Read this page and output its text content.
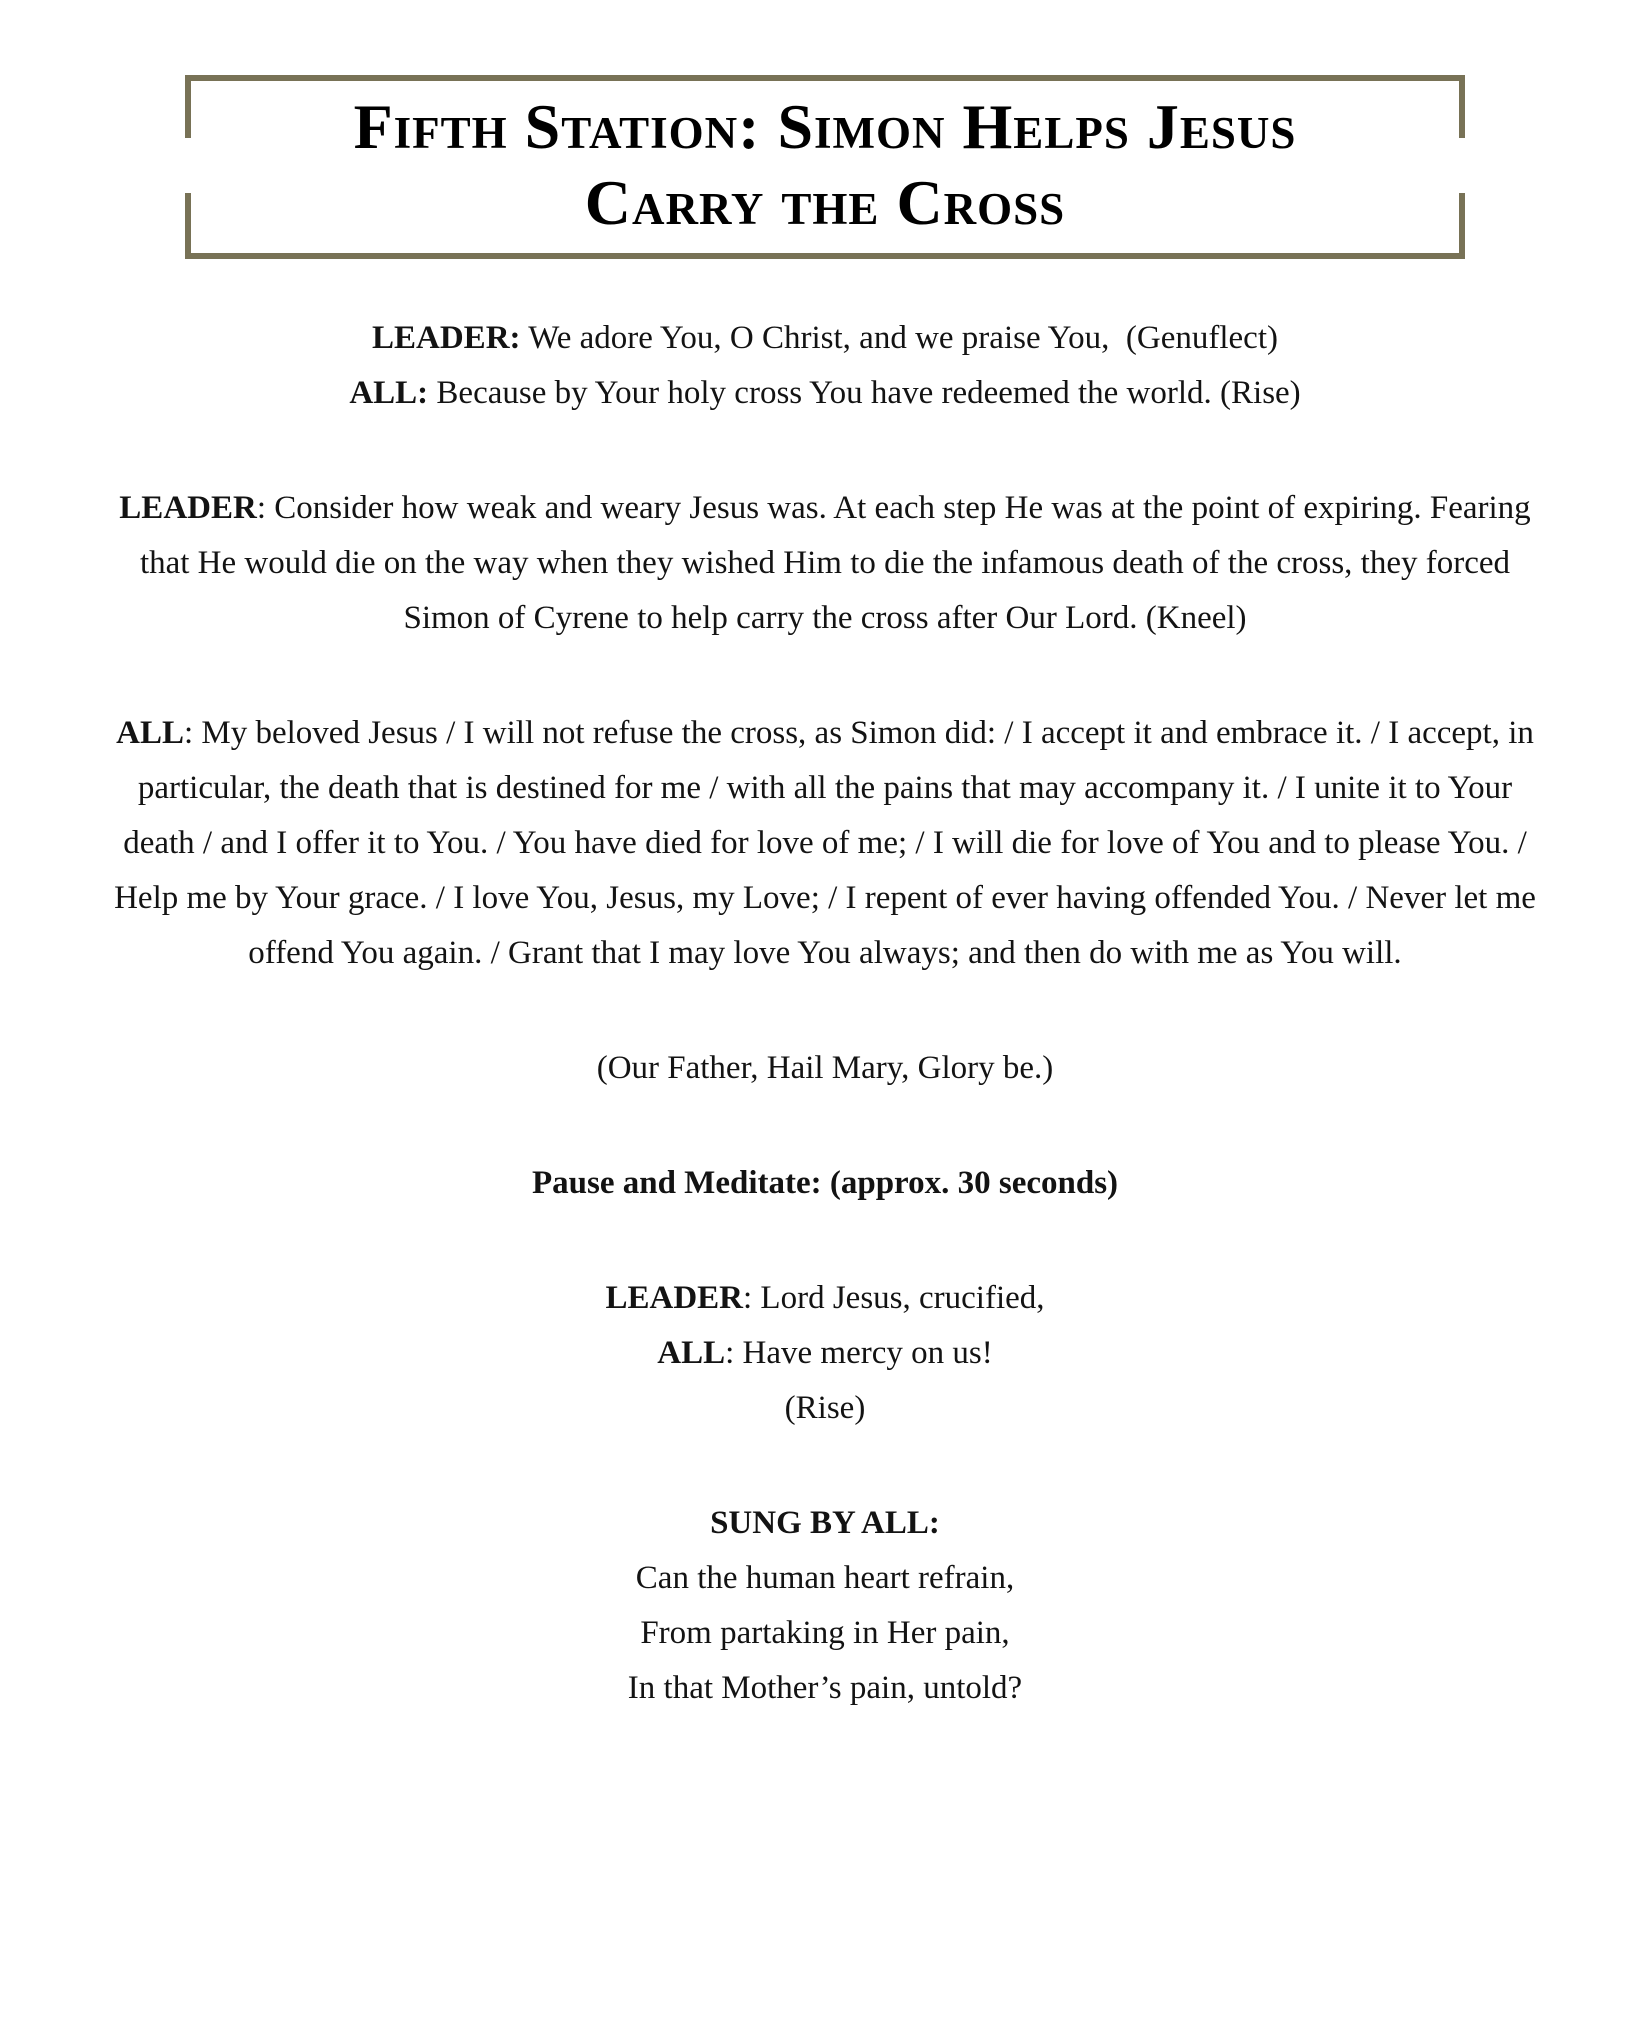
Fifth Station: Simon Helps Jesus
Carry the Cross
LEADER: We adore You, O Christ, and we praise You,  (Genuflect)
ALL: Because by Your holy cross You have redeemed the world. (Rise)

LEADER: Consider how weak and weary Jesus was. At each step He was at the point of expiring. Fearing that He would die on the way when they wished Him to die the infamous death of the cross, they forced Simon of Cyrene to help carry the cross after Our Lord. (Kneel)

ALL: My beloved Jesus / I will not refuse the cross, as Simon did: / I accept it and embrace it. / I accept, in particular, the death that is destined for me / with all the pains that may accompany it. / I unite it to Your death / and I offer it to You. / You have died for love of me; / I will die for love of You and to please You. / Help me by Your grace. / I love You, Jesus, my Love; / I repent of ever having offended You. / Never let me offend You again. / Grant that I may love You always; and then do with me as You will.

(Our Father, Hail Mary, Glory be.)

Pause and Meditate: (approx. 30 seconds)

LEADER: Lord Jesus, crucified,
ALL: Have mercy on us!
(Rise)
SUNG BY ALL:
Can the human heart refrain,
From partaking in Her pain,
In that Mother’s pain, untold?
